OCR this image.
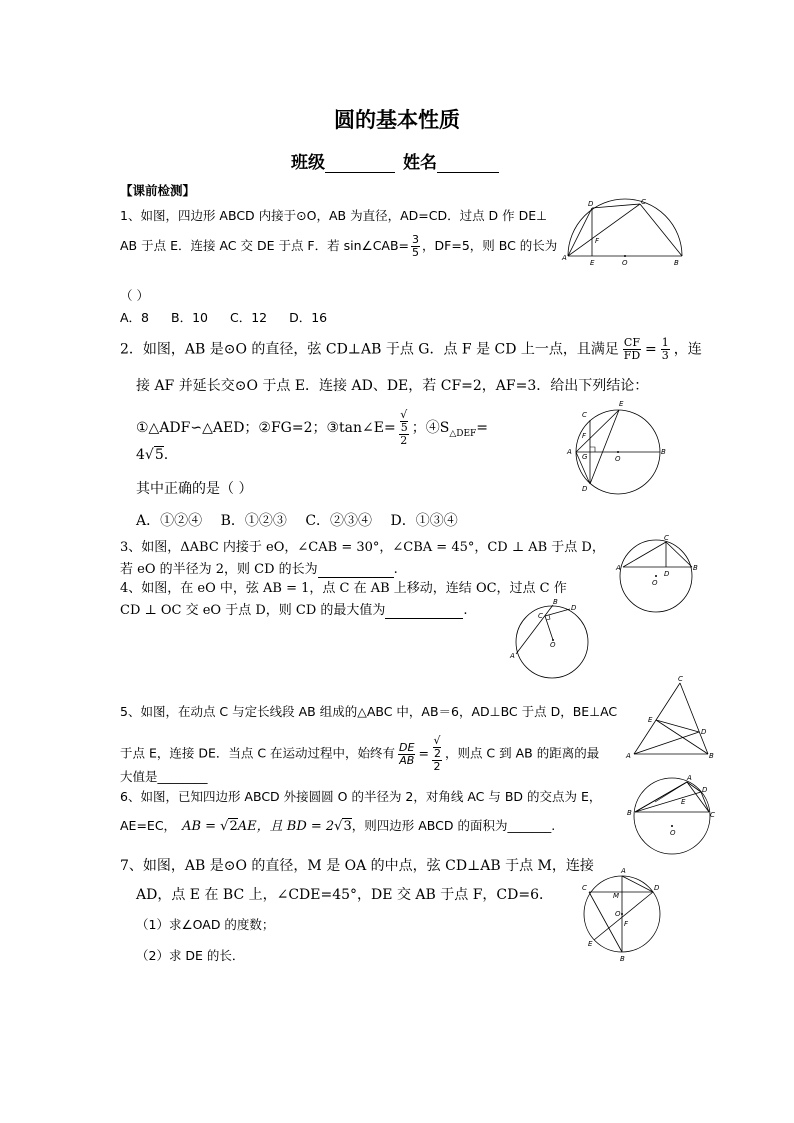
圆的基本性质
班级	姓名
【课前检测】
1、如图，四边形 ABCD 内接于⊙O，AB 为直径，AD=CD．过点 D 作 DE⊥
AB 于点 E．连接 AC 交 DE 于点 F．若 sin∠CAB= $\frac{3}{5}$ ，DF=5，则 BC 的长为
（ ）
A．8 B．10 C．12 D．16
D	C
F
A
E	O	B
2．如图，AB 是⊙O 的直径，弦 CD⊥AB 于点 G．点 F 是 CD 上一点，且满足 $\frac{CF}{FD} = \frac{1}{3}$ ，连
接 AF 并延长交⊙O 于点 E．连接 AD、DE，若 CF=2，AF=3．给出下列结论：
①△ADF∽△AED；②FG=2；③tan∠E= √
5
2 ；$④S_{\triangle DEF}=$
4√5.
其中正确的是（ ）
A．①②④ B．①②③ C．②③④ D．①③④
E
C
F
A
G	O
B
D
3、如图，ΔABC 内接于 eO，∠CAB = 30°，∠CBA = 45°，CD ⊥ AB 于点 D，
若 eO 的半径为 2，则 CD 的长为	.
C
A
D
B
O
4、如图，在 eO 中，弦 AB = 1，点 C 在 AB 上移动，连结 OC，过点 C 作
CD ⊥ OC 交 eO 于点 D，则 CD 的最大值为	.
B
D
C
O
A
5、如图，在动点 C 与定长线段 AB 组成的△ABC 中，AB＝6，AD⊥BC 于点 D，BE⊥AC
于点 E，连接 DE．当点 C 在运动过程中，始终有 $\frac{DE}{AB}$ = √
2
2 ，则点 C 到 AB 的距离的最
大值是________
C
E
D
A	B
6、如图，已知四边形 ABCD 外接圆圆 O 的半径为 2，对角线 AC 与 BD 的交点为 E，
AE=EC， AB = √2AE，且 BD = 2√3，则四边形 ABCD 的面积为_______.
A
D
B
E
C
O
7、如图，AB 是⊙O 的直径，M 是 OA 的中点，弦 CD⊥AB 于点 M，连接
AD，点 E 在 BC 上，∠CDE=45°，DE 交 AB 于点 F，CD=6．
（1）求∠OAD 的度数；
（2）求 DE 的长．
A
C
M
D
O
F
E
B
